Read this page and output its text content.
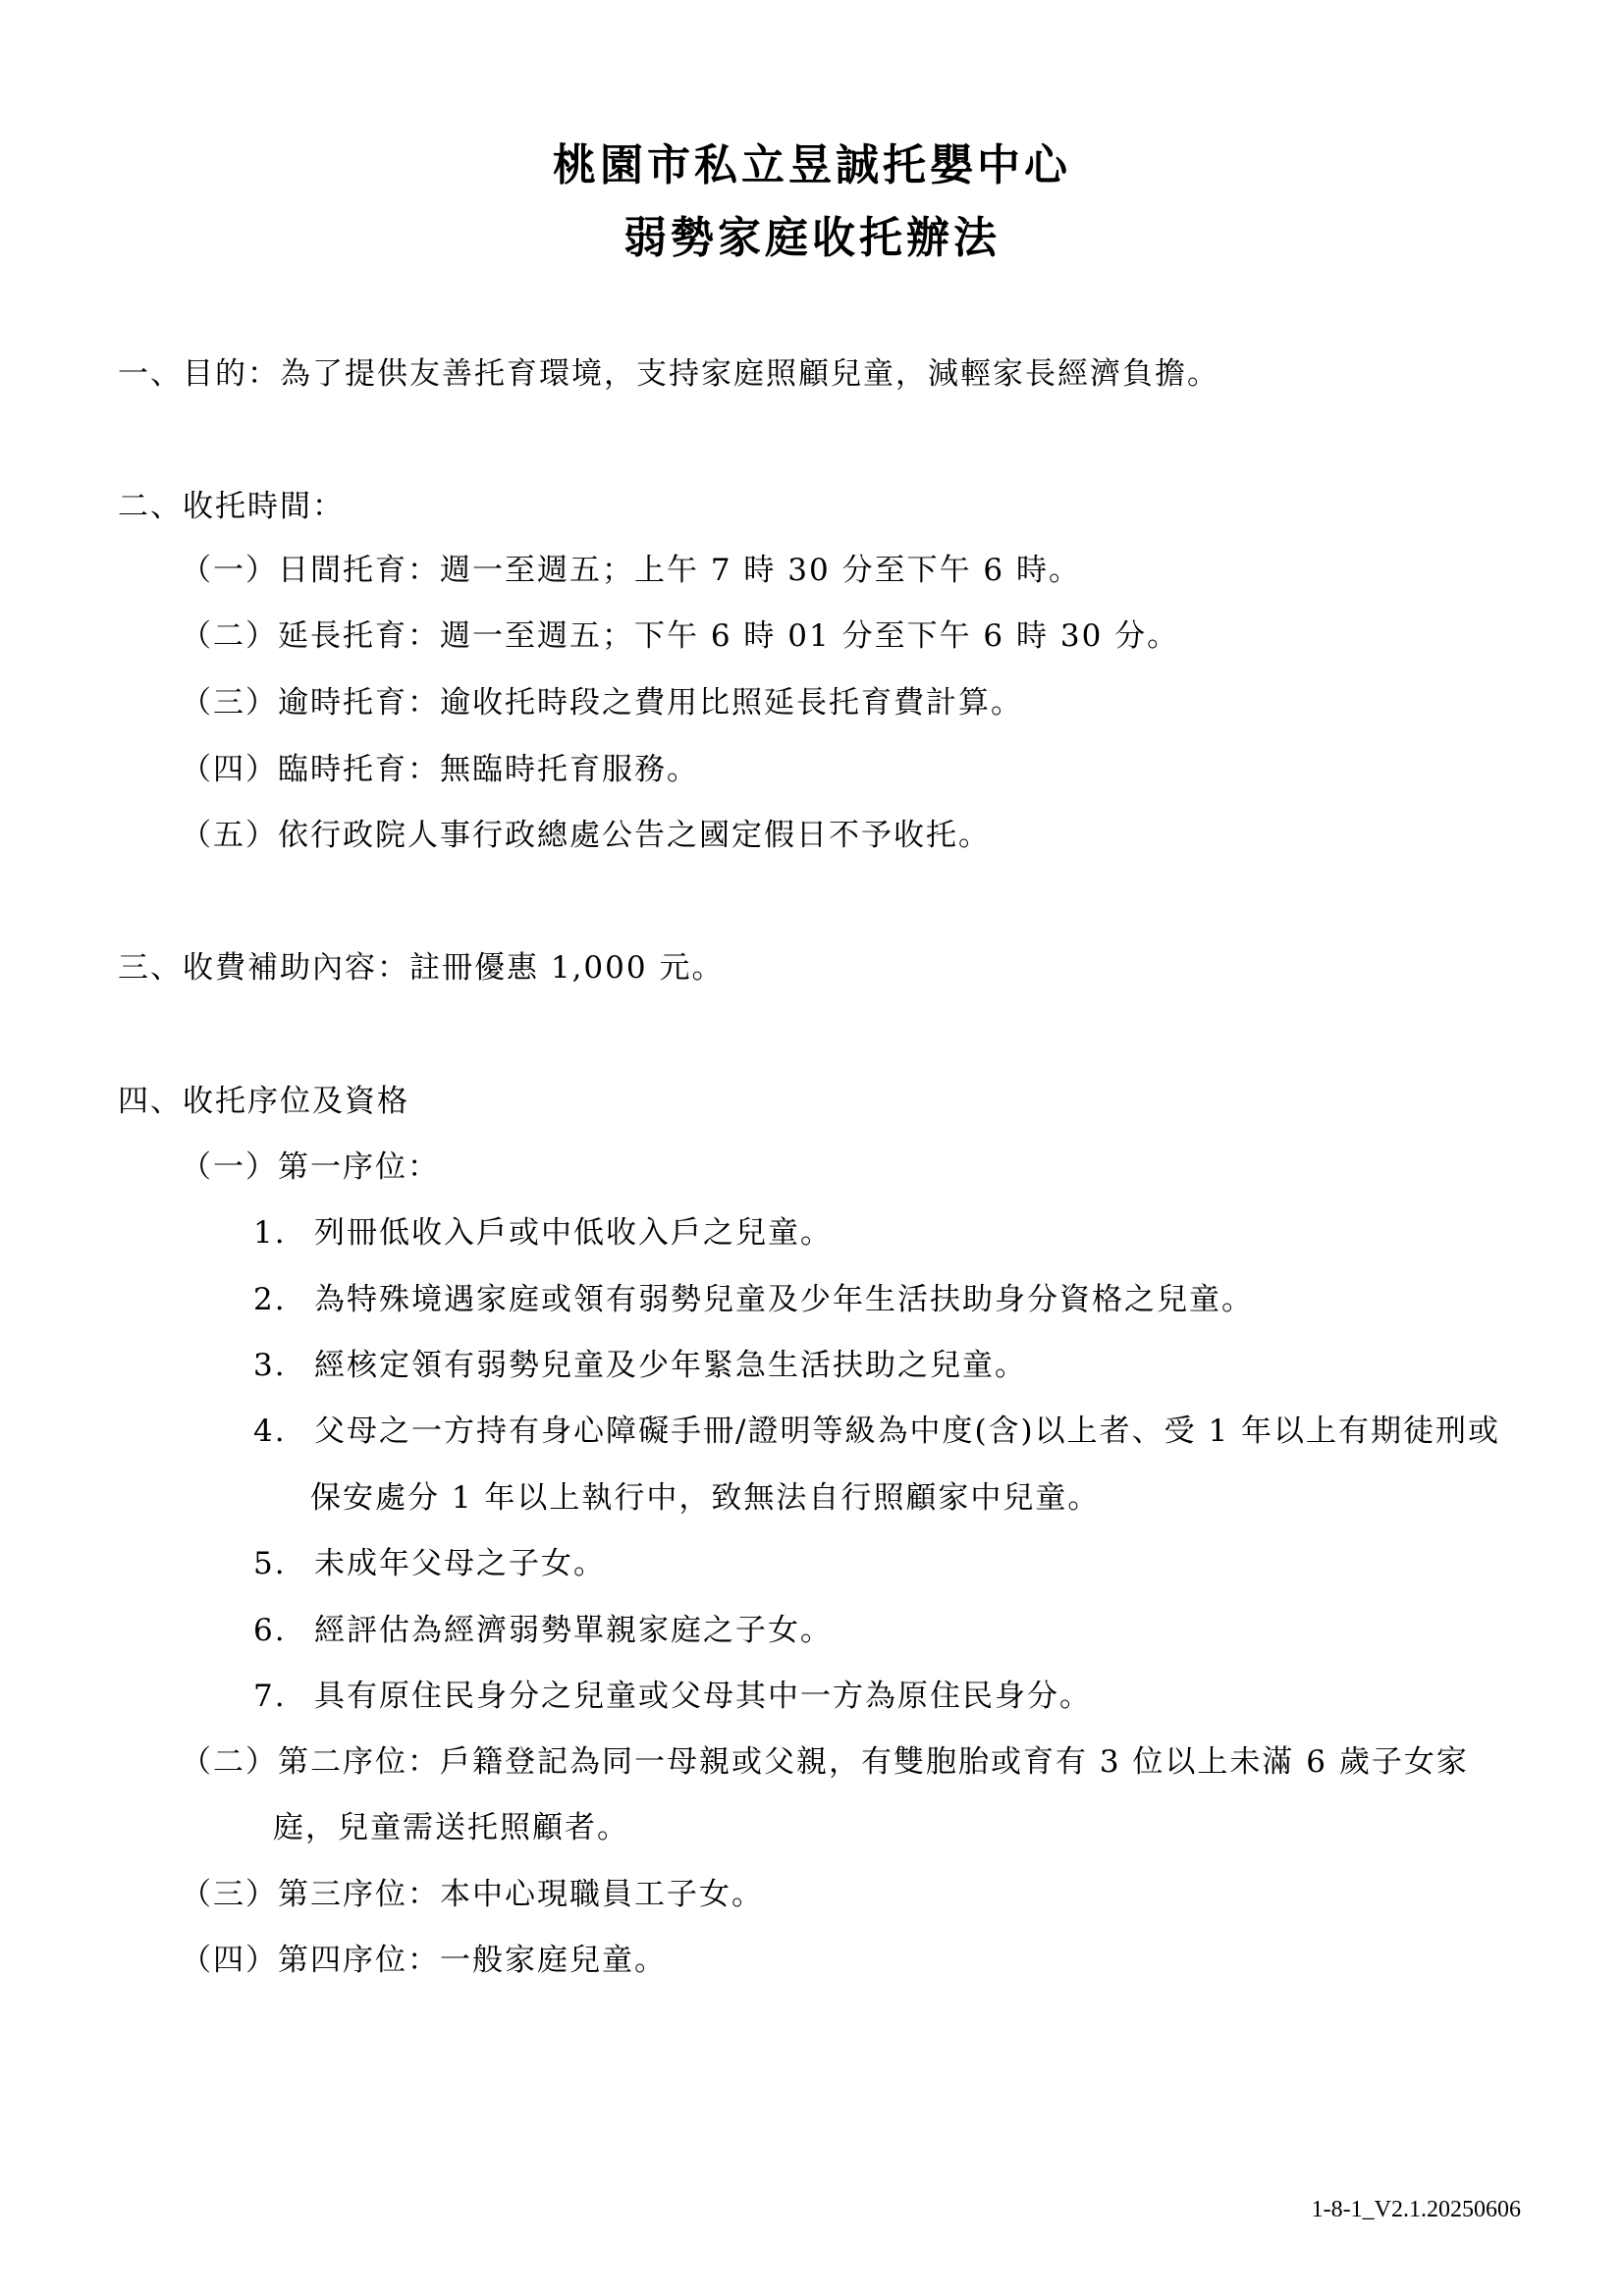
桃園市私立昱誠托嬰中心
弱勢家庭收托辦法
一、目的：為了提供友善托育環境，支持家庭照顧兒童，減輕家長經濟負擔。
二、收托時間：
（一）日間托育：週一至週五；上午 7 時 30 分至下午 6 時。
（二）延長托育：週一至週五；下午 6 時 01 分至下午 6 時 30 分。
（三）逾時托育：逾收托時段之費用比照延長托育費計算。
（四）臨時托育：無臨時托育服務。
（五）依行政院人事行政總處公告之國定假日不予收托。
三、收費補助內容：註冊優惠 1,000 元。
四、收托序位及資格
（一）第一序位：
1. 列冊低收入戶或中低收入戶之兒童。
2. 為特殊境遇家庭或領有弱勢兒童及少年生活扶助身分資格之兒童。
3. 經核定領有弱勢兒童及少年緊急生活扶助之兒童。
4. 父母之一方持有身心障礙手冊/證明等級為中度(含)以上者、受 1 年以上有期徒刑或
保安處分 1 年以上執行中，致無法自行照顧家中兒童。
5. 未成年父母之子女。
6. 經評估為經濟弱勢單親家庭之子女。
7. 具有原住民身分之兒童或父母其中一方為原住民身分。
（二）第二序位：戶籍登記為同一母親或父親，有雙胞胎或育有 3 位以上未滿 6 歲子女家
庭，兒童需送托照顧者。
（三）第三序位：本中心現職員工子女。
（四）第四序位：一般家庭兒童。
1-8-1_V2.1.20250606
